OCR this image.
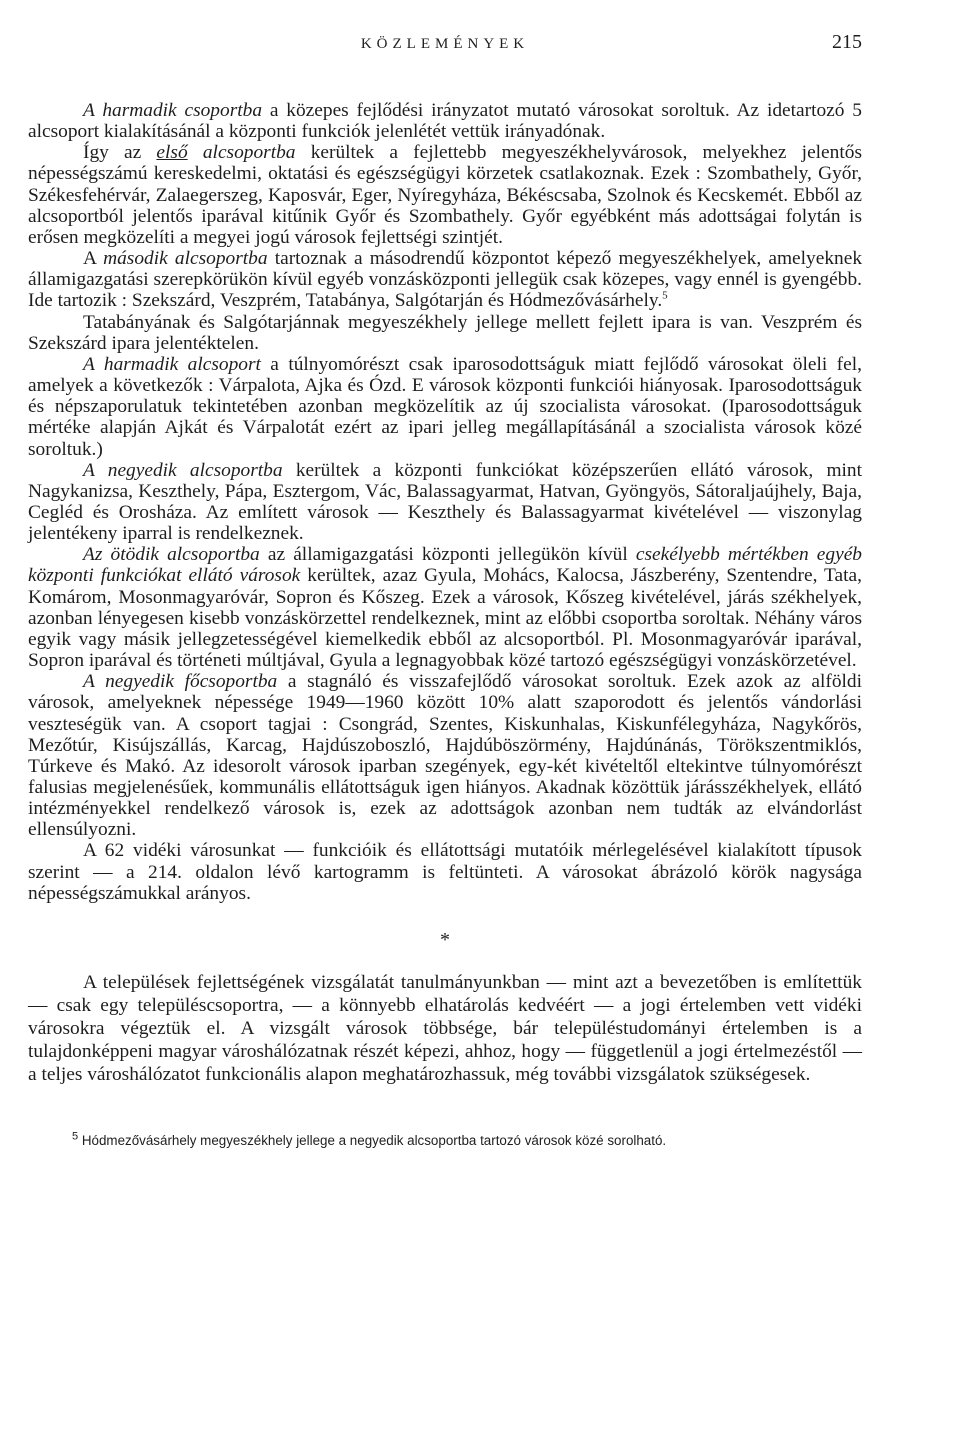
KÖZLEMÉNYEK	215

A harmadik csoportba a közepes fejlődési irányzatot mutató városokat soroltuk. Az idetartozó 5 alcsoport kialakításánál a központi funkciók jelenlétét vettük irányadónak.

Így az első alcsoportba kerültek a fejlettebb megyeszékhelyvárosok, melyekhez jelentős népességszámú kereskedelmi, oktatási és egészségügyi körzetek csatlakoznak. Ezek : Szombathely, Győr, Székesfehérvár, Zalaegerszeg, Kaposvár, Eger, Nyíregyháza, Békéscsaba, Szolnok és Kecskemét. Ebből az alcsoportból jelentős iparával kitűnik Győr és Szombathely. Győr egyébként más adottságai folytán is erősen megközelíti a megyei jogú városok fejlettségi szintjét.

A második alcsoportba tartoznak a másodrendű központot képező megyeszékhelyek, amelyeknek államigazgatási szerepkörükön kívül egyéb vonzásközponti jellegük csak közepes, vagy ennél is gyengébb. Ide tartozik : Szekszárd, Veszprém, Tatabánya, Salgótarján és Hódmezővásárhely.$^5$

Tatabányának és Salgótarjánnak megyeszékhely jellege mellett fejlett ipara is van. Veszprém és Szekszárd ipara jelentéktelen.

A harmadik alcsoport a túlnyomórészt csak iparosodottságuk miatt fejlődő városokat öleli fel, amelyek a következők : Várpalota, Ajka és Ózd. E városok központi funkciói hiányosak. Iparosodottságuk és népszaporulatuk tekintetében azonban megközelítik az új szocialista városokat. (Iparosodottságuk mértéke alapján Ajkát és Várpalotát ezért az ipari jelleg megállapításánál a szocialista városok közé soroltuk.)

A negyedik alcsoportba kerültek a központi funkciókat középszerűen ellátó városok, mint Nagykanizsa, Keszthely, Pápa, Esztergom, Vác, Balassagyarmat, Hatvan, Gyöngyös, Sátoraljaújhely, Baja, Cegléd és Orosháza. Az említett városok — Keszthely és Balassagyarmat kivételével — viszonylag jelentékeny iparral is rendelkeznek.

Az ötödik alcsoportba az államigazgatási központi jellegükön kívül csekélyebb mértékben egyéb központi funkciókat ellátó városok kerültek, azaz Gyula, Mohács, Kalocsa, Jászberény, Szentendre, Tata, Komárom, Mosonmagyaróvár, Sopron és Kőszeg. Ezek a városok, Kőszeg kivételével, járás székhelyek, azonban lényegesen kisebb vonzáskörzettel rendelkeznek, mint az előbbi csoportba soroltak. Néhány város egyik vagy másik jellegzetességével kiemelkedik ebből az alcsoportból. Pl. Mosonmagyaróvár iparával, Sopron iparával és történeti múltjával, Gyula a legnagyobbak közé tartozó egészségügyi vonzáskörzetével.

A negyedik főcsoportba a stagnáló és visszafejlődő városokat soroltuk. Ezek azok az alföldi városok, amelyeknek népessége 1949—1960 között 10% alatt szaporodott és jelentős vándorlási veszteségük van. A csoport tagjai : Csongrád, Szentes, Kiskunhalas, Kiskunfélegyháza, Nagykőrös, Mezőtúr, Kisújszállás, Karcag, Hajdúszoboszló, Hajdúböszörmény, Hajdúnánás, Törökszentmiklós, Túrkeve és Makó. Az idesorolt városok iparban szegények, egy-két kivételtől eltekintve túlnyomórészt falusias megjelenésűek, kommunális ellátottságuk igen hiányos. Akadnak közöttük járásszékhelyek, ellátó intézményekkel rendelkező városok is, ezek az adottságok azonban nem tudták az elvándorlást ellensúlyozni.

A 62 vidéki városunkat — funkcióik és ellátottsági mutatóik mérlegelésével kialakított típusok szerint — a 214. oldalon lévő kartogramm is feltünteti. A városokat ábrázoló körök nagysága népességszámukkal arányos.

*

A települések fejlettségének vizsgálatát tanulmányunkban — mint azt a bevezetőben is említettük — csak egy településcsoportra, — a könnyebb elhatárolás kedvéért — a jogi értelemben vett vidéki városokra végeztük el. A vizsgált városok többsége, bár településtudományi értelemben is a tulajdonképpeni magyar városhálózatnak részét képezi, ahhoz, hogy — függetlenül a jogi értelmezéstől — a teljes városhálózatot funkcionális alapon meghatározhassuk, még további vizsgálatok szükségesek.

$^5$ Hódmezővásárhely megyeszékhely jellege a negyedik alcsoportba tartozó városok közé sorolható.
